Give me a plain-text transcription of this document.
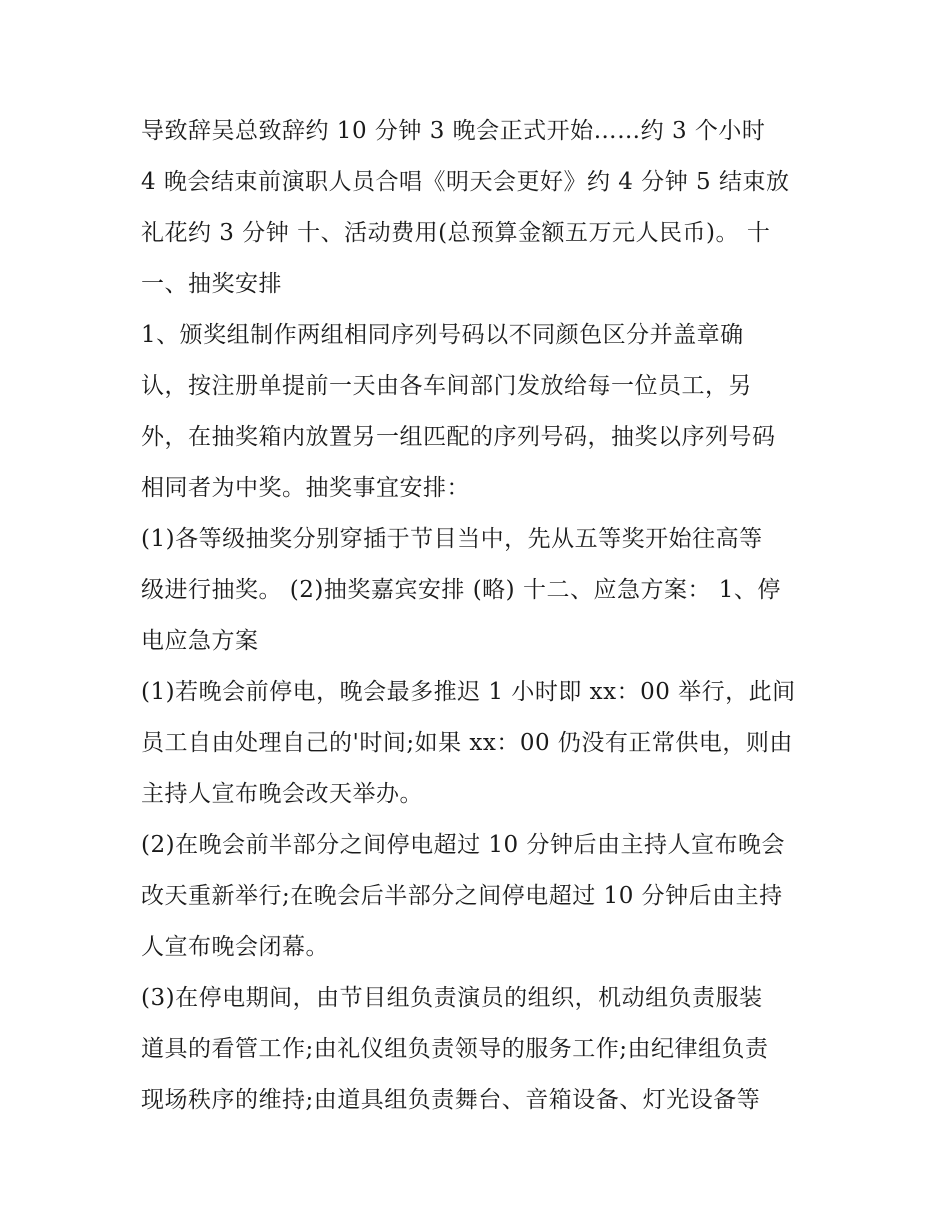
导致辞吴总致辞约 10 分钟 3 晚会正式开始……约 3 个小时
4 晚会结束前演职人员合唱《明天会更好》约 4 分钟 5 结束放
礼花约 3 分钟 十、活动费用(总预算金额五万元人民币)。 十
一、抽奖安排
1、颁奖组制作两组相同序列号码以不同颜色区分并盖章确
认，按注册单提前一天由各车间部门发放给每一位员工，另
外，在抽奖箱内放置另一组匹配的序列号码，抽奖以序列号码
相同者为中奖。抽奖事宜安排：
(1)各等级抽奖分别穿插于节目当中，先从五等奖开始往高等
级进行抽奖。 (2)抽奖嘉宾安排 (略) 十二、应急方案： 1、停
电应急方案
(1)若晚会前停电，晚会最多推迟 1 小时即 xx：00 举行，此间
员工自由处理自己的'时间;如果 xx：00 仍没有正常供电，则由
主持人宣布晚会改天举办。
(2)在晚会前半部分之间停电超过 10 分钟后由主持人宣布晚会
改天重新举行;在晚会后半部分之间停电超过 10 分钟后由主持
人宣布晚会闭幕。
(3)在停电期间，由节目组负责演员的组织，机动组负责服装
道具的看管工作;由礼仪组负责领导的服务工作;由纪律组负责
现场秩序的维持;由道具组负责舞台、音箱设备、灯光设备等
